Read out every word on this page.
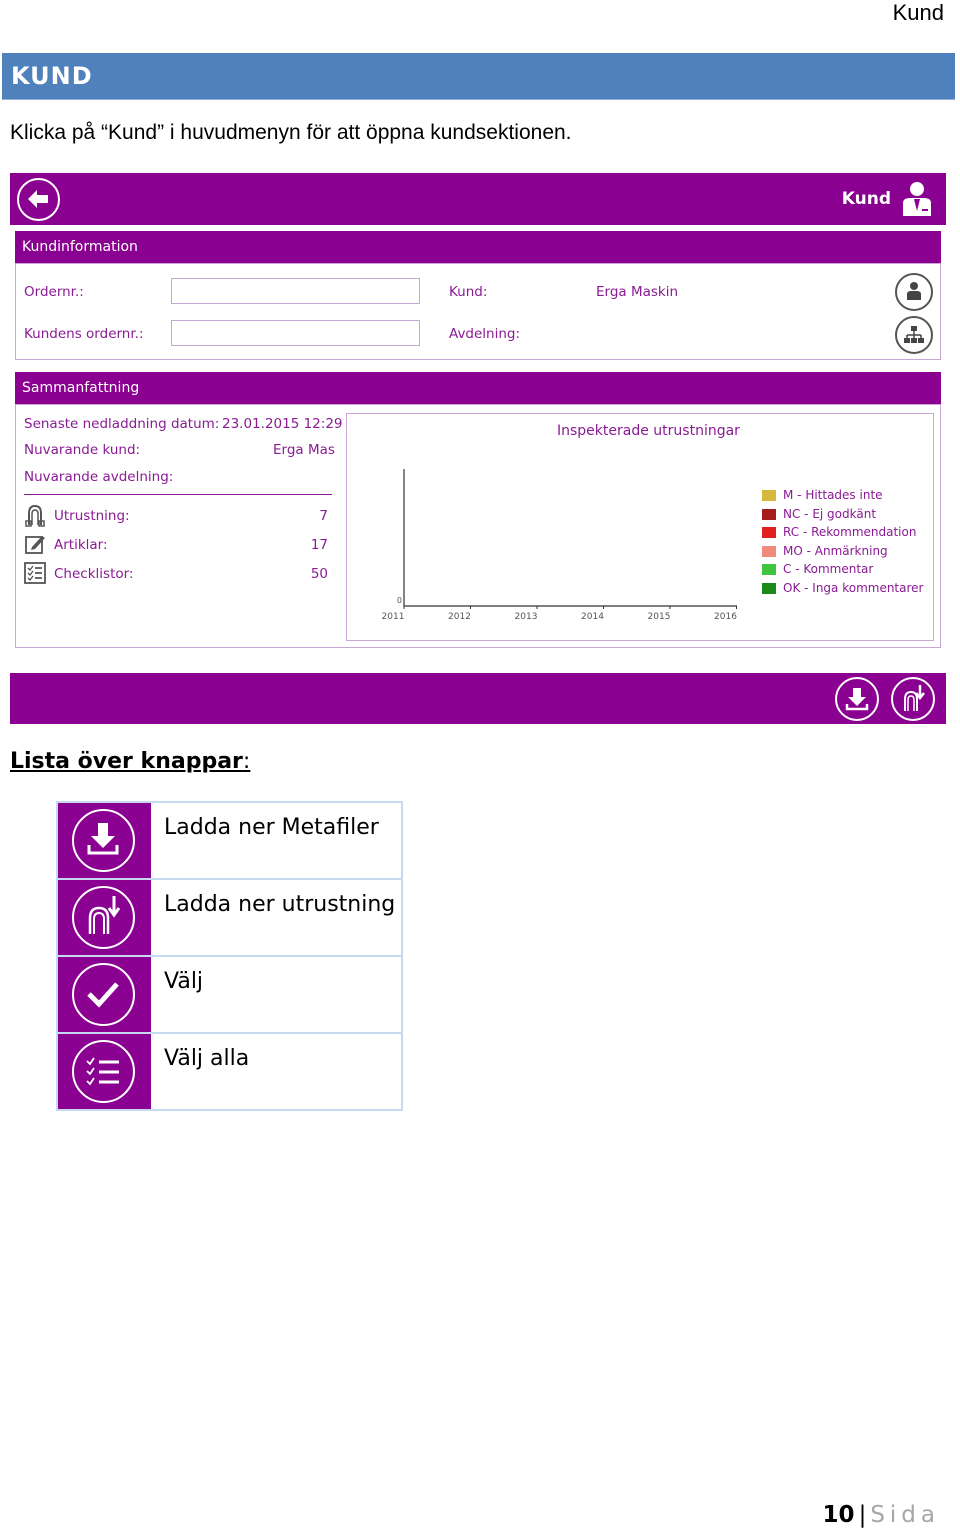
Kund
KUND
Klicka på “Kund” i huvudmenyn för att öppna kundsektionen.
Kund
Kundinformation
Ordernr.:
Kundens ordernr.:
Kund:	Erga Maskin
Avdelning:
Sammanfattning
Senaste nedladdning datum: 23.01.2015 12:29
Nuvarande kund:	Erga Mas
Nuvarande avdelning:
Utrustning:	7
Artiklar:	17
Checklistor:	50
Inspekterade utrustningar
0
2011	2012	2013	2014	2015	2016
M - Hittades inte
NC - Ej godkänt
RC - Rekommendation
MO - Anmärkning
C - Kommentar
OK - Inga kommentarer
Lista över knappar:
Ladda ner Metafiler
Ladda ner utrustning
Välj
Välj alla
10 | Sida
